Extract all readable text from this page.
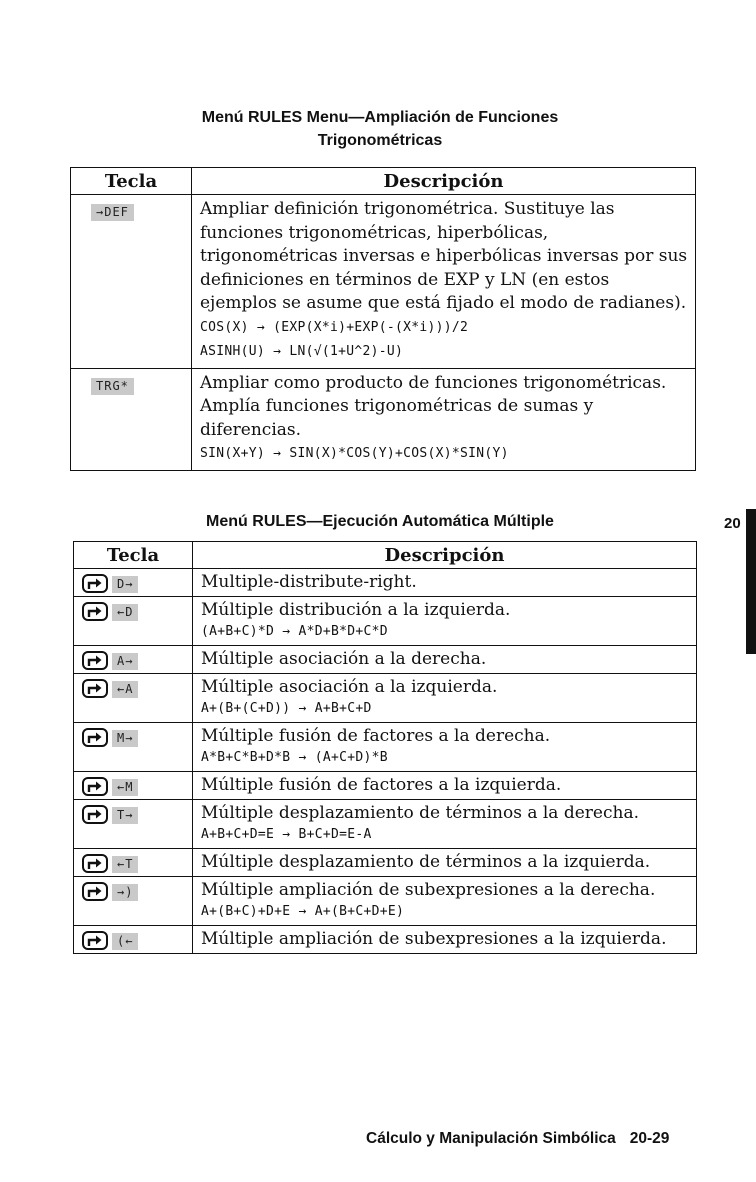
Menú RULES Menu—Ampliación de Funciones
Trigonométricas
Tecla	Descripción
→DEF	Ampliar definición trigonométrica. Sustituye las funciones trigonométricas, hiperbólicas, trigonométricas inversas e hiperbólicas inversas por sus definiciones en términos de EXP y LN (en estos ejemplos se asume que está fijado el modo de radianes).
COS(X) → (EXP(X*i)+EXP(-(X*i)))/2
ASINH(U) → LN(√(1+U^2)-U)

TRG*	Ampliar como producto de funciones trigonométricas. Amplía funciones trigonométricas de sumas y diferencias.
SIN(X+Y) → SIN(X)*COS(Y)+COS(X)*SIN(Y)
Menú RULES—Ejecución Automática Múltiple	20
Tecla	Descripción

D→	Multiple-distribute-right.

←D	Múltiple distribución a la izquierda.
(A+B+C)*D → A*D+B*D+C*D

A→	Múltiple asociación a la derecha.

←A	Múltiple asociación a la izquierda.
A+(B+(C+D)) → A+B+C+D

M→	Múltiple fusión de factores a la derecha.
A*B+C*B+D*B → (A+C+D)*B

←M	Múltiple fusión de factores a la izquierda.

T→	Múltiple desplazamiento de términos a la derecha.
A+B+C+D=E → B+C+D=E-A

←T	Múltiple desplazamiento de términos a la izquierda.

→)	Múltiple ampliación de subexpresiones a la derecha.
A+(B+C)+D+E → A+(B+C+D+E)

(←	Múltiple ampliación de subexpresiones a la izquierda.
Cálculo y Manipulación Simbólica 20-29
